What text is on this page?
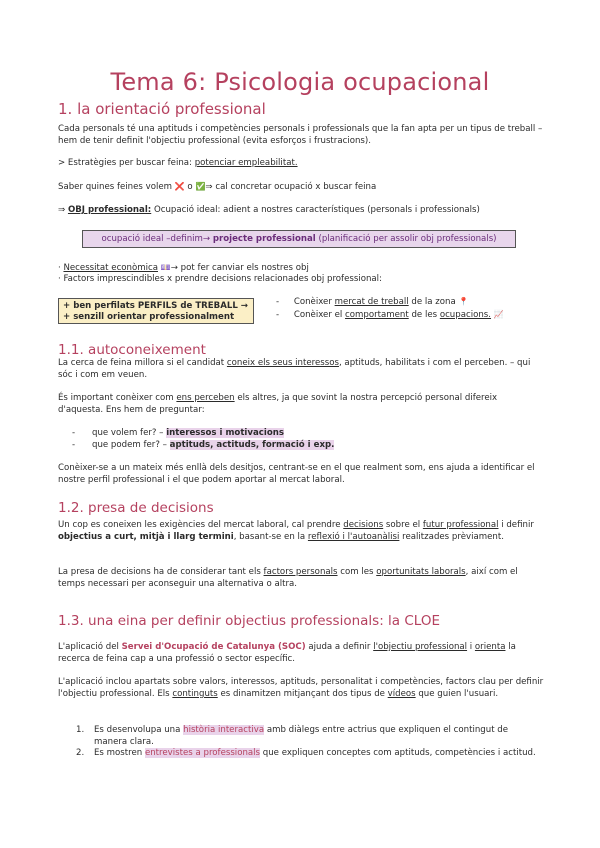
Tema 6: Psicologia ocupacional
1. la orientació professional

Cada personals té una aptituds i competències personals i professionals que la fan apta per un tipus de treball – hem de tenir definit l'objectiu professional (evita esforços i frustracions).

> Estratègies per buscar feina: potenciar empleabilitat.

Saber quines feines volem ❌ o ✅⇒ cal concretar ocupació x buscar feina

⇒ OBJ professional: Ocupació ideal: adient a nostres característiques (personals i professionals)

ocupació ideal –definim→ projecte professional (planificació per assolir obj professionals)

· Necessitat econòmica 💷→ pot fer canviar els nostres obj

· Factors imprescindibles x prendre decisions relacionades obj professional:

+ ben perfilats PERFILS de TREBALL →
+ senzill orientar professionalment
- Conèixer mercat de treball de la zona 📍
- Conèixer el comportament de les ocupacions. 📈
1.1. autoconeixement

La cerca de feina millora si el candidat coneix els seus interessos, aptituds, habilitats i com el perceben. – qui sóc i com em veuen.

És important conèixer com ens perceben els altres, ja que sovint la nostra percepció personal difereix d'aquesta. Ens hem de preguntar:

- que volem fer? – interessos i motivacions
- que podem fer? – aptituds, actituds, formació i exp.

Conèixer-se a un mateix més enllà dels desitjos, centrant-se en el que realment som, ens ajuda a identificar el nostre perfil professional i el que podem aportar al mercat laboral.

1.2. presa de decisions

Un cop es coneixen les exigències del mercat laboral, cal prendre decisions sobre el futur professional i definir objectius a curt, mitjà i llarg termini, basant-se en la reflexió i l'autoanàlisi realitzades prèviament.

La presa de decisions ha de considerar tant els factors personals com les oportunitats laborals, així com el temps necessari per aconseguir una alternativa o altra.

1.3. una eina per definir objectius professionals: la CLOE

L'aplicació del Servei d'Ocupació de Catalunya (SOC) ajuda a definir l'objectiu professional i orienta la recerca de feina cap a una professió o sector específic.

L'aplicació inclou apartats sobre valors, interessos, aptituds, personalitat i competències, factors clau per definir l'objectiu professional. Els continguts es dinamitzen mitjançant dos tipus de vídeos que guien l'usuari.

1. Es desenvolupa una història interactiva amb diàlegs entre actrius que expliquen el contingut de manera clara.
2. Es mostren entrevistes a professionals que expliquen conceptes com aptituds, competències i actitud.
